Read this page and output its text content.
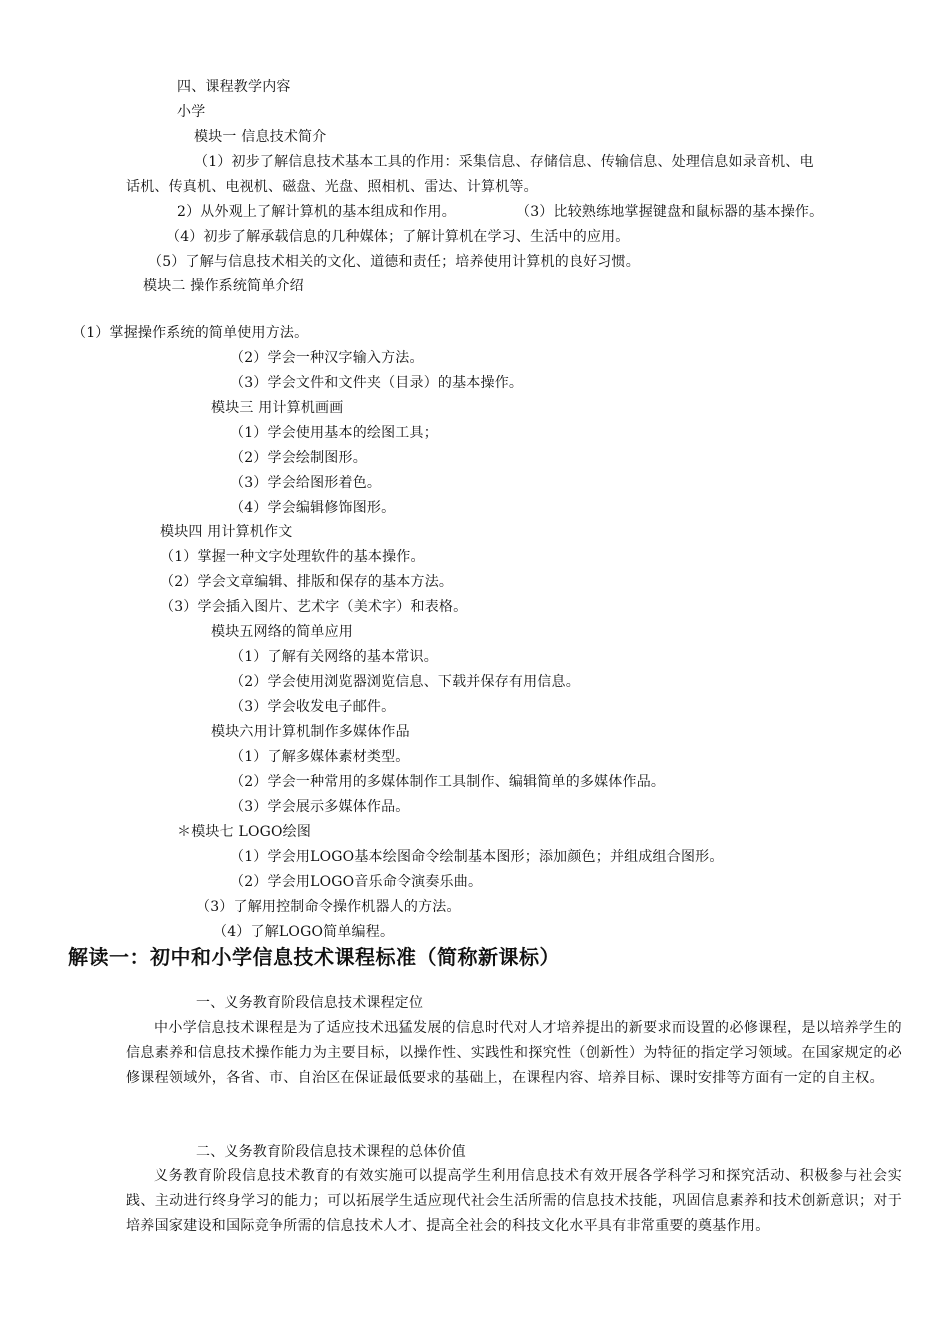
四、课程教学内容
小学
模块一 信息技术简介
（1）初步了解信息技术基本工具的作用：采集信息、存储信息、传输信息、处理信息如录音机、电
话机、传真机、电视机、磁盘、光盘、照相机、雷达、计算机等。
2）从外观上了解计算机的基本组成和作用。	（3）比较熟练地掌握键盘和鼠标器的基本操作。
（4）初步了解承载信息的几种媒体；了解计算机在学习、生活中的应用。
（5）了解与信息技术相关的文化、道德和责任；培养使用计算机的良好习惯。
模块二 操作系统简单介绍
（1）掌握操作系统的简单使用方法。
（2）学会一种汉字输入方法。
（3）学会文件和文件夹（目录）的基本操作。
模块三 用计算机画画
（1）学会使用基本的绘图工具；
（2）学会绘制图形。
（3）学会给图形着色。
（4）学会编辑修饰图形。
模块四 用计算机作文
（1）掌握一种文字处理软件的基本操作。
（2）学会文章编辑、排版和保存的基本方法。
（3）学会插入图片、艺术字（美术字）和表格。
模块五网络的简单应用
（1）了解有关网络的基本常识。
（2）学会使用浏览器浏览信息、下载并保存有用信息。
（3）学会收发电子邮件。
模块六用计算机制作多媒体作品
（1）了解多媒体素材类型。
（2）学会一种常用的多媒体制作工具制作、编辑简单的多媒体作品。
（3）学会展示多媒体作品。
＊模块七 LOGO绘图
（1）学会用LOGO基本绘图命令绘制基本图形；添加颜色；并组成组合图形。
（2）学会用LOGO音乐命令演奏乐曲。
（3）了解用控制命令操作机器人的方法。
（4）了解LOGO简单编程。
解读一：初中和小学信息技术课程标准（简称新课标）
一、义务教育阶段信息技术课程定位
中小学信息技术课程是为了适应技术迅猛发展的信息时代对人才培养提出的新要求而设置的必修课程，是以培养学生的信息素养和信息技术操作能力为主要目标，以操作性、实践性和探究性（创新性）为特征的指定学习领域。在国家规定的必修课程领域外，各省、市、自治区在保证最低要求的基础上，在课程内容、培养目标、课时安排等方面有一定的自主权。
二、义务教育阶段信息技术课程的总体价值
义务教育阶段信息技术教育的有效实施可以提高学生利用信息技术有效开展各学科学习和探究活动、积极参与社会实践、主动进行终身学习的能力；可以拓展学生适应现代社会生活所需的信息技术技能，巩固信息素养和技术创新意识；对于培养国家建设和国际竞争所需的信息技术人才、提高全社会的科技文化水平具有非常重要的奠基作用。
